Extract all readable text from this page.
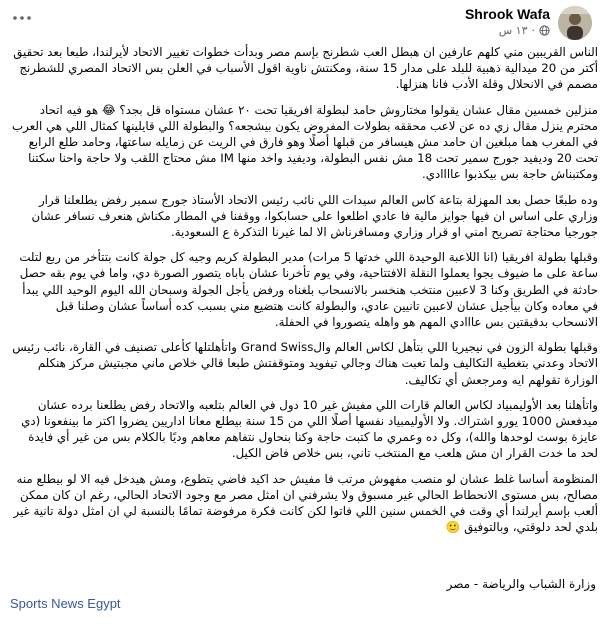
Shrook Wafa
١٣ س ·

الناس القريبين مني كلهم عارفين ان هبطل العب شطرنج بإسم مصر وبدأت خطوات تغيير الاتحاد لأيرلندا، طبعا بعد تحقيق أكتر من 20 ميدالية ذهبية للبلد على مدار 15 سنة، ومكنتش ناوية اقول الأسباب في العلن بس الاتحاد المصري للشطرنج مصمم في الانحلال وقلة الأدب فانا هنزلها.

منزلين خمسين مقال عشان يقولوا مختاروش حامد لبطولة افريقيا تحت ٢٠ عشان مستواه قل بجد؟ 😂 هو فيه اتحاد محترم ينزل مقال زي ده عن لاعب محققه بطولات المفروض يكون بيشجعه؟ والبطولة اللي قايلينها كمثال اللي هي العرب في المغرب هما مبلغين ان حامد مش هيسافر من قبلها أصلًا وهو فارق في الريت عن زمايله ساعتها، وحامد طلع الرابع تحت 20 وديفيد جورج سمير تحت 18 مش نفس البطولة، وديفيد واخد منها IM مش محتاج اللقب ولا حاجة واحنا سكتنا ومكتبناش حاجة بس بيكذبوا عاااادي.

وده طبعًا حصل بعد المهزلة بتاعة كاس العالم سيدات اللي نائب رئيس الاتحاد الأستاذ جورج سمير رفض يطلعلنا قرار وزاري على اساس ان فيها جوايز مالية فا عادي اطلعوا على حسابكوا، ووقفنا في المطار مكناش هنعرف نسافر عشان جورجيا محتاجة تصريح امني او قرار وزاري ومسافرناش الا لما غيرنا التذكرة ع السعودية.

وقبلها بطولة افريقيا (انا اللاعبة الوحيدة اللي خدتها 5 مرات) مدير البطولة كريم وجيه كل جولة كانت بتتأخر من ربع لتلت ساعة على ما ضيوف يجوا يعملوا النقلة الافتتاحية، وفي يوم تأخرنا عشان باباه يتصور الصورة دي، واما في يوم بقه حصل حادثة في الطريق وكنا 3 لاعبين منتخب هنخسر بالانسحاب بلغناه ورفض يأجل الجولة وسبحان الله اليوم الوحيد اللي يبدأ في معاده وكان بيأجيل عشان لاعبين تانيين عادي، والبطولة كانت هتضيع مني بسبب كده أساساً عشان وصلنا قبل الانسحاب بدقيقتين بس عااادي المهم هو واهله يتصوروا في الحفلة.

وقبلها بطولة الزون في نيجيريا اللي بتأهل لكاس العالم والGrand Swiss واتأهلتلها كأعلى تصنيف في القارة، نائب رئيس الاتحاد وعدني بتغطية التكاليف ولما تعبت هناك وجالي تيفويد ومتوقفتش طبعا قالي خلاص ماني مجبتيش مركز هنكلم الوزارة تقولهم ايه ومرجعش أي تكاليف.

واتأهلنا بعد الأوليمبياد لكاس العالم قارات اللي مفيش غير 10 دول في العالم بتلعبه والاتحاد رفض يطلعنا برده عشان ميدفعش 1000 يورو اشتراك. ولا الأوليمبياد نفسها أصلًا اللي من 15 سنة بيطلع معانا اداريين يضروا اكتر ما بينفعونا (دي عايزة بوست لوحدها والله)، وكل ده وعمري ما كتبت حاجة وكنا بنحاول نتفاهم معاهم وديًا بالكلام بس من غير أي فايدة لحد ما خدت القرار ان مش هلعب مع المنتخب تاني، بس خلاص فاض الكيل.

المنظومة أساسا غلط عشان لو منصب مفهوش مرتب فا مفيش حد اكيد فاضي يتطوع، ومش هيدخل فيه الا لو بيطلع منه مصالح، بس مستوى الانحطاط الحالي غير مسبوق ولا يشرفني ان امثل مصر مع وجود الاتحاد الحالي، رغم ان كان ممكن ألعب بإسم أيرلندا أي وقت في الخمس سنين اللي فاتوا لكن كانت فكرة مرفوضة تمامًا بالنسبة لي ان امثل دولة تانية غير بلدي لحد دلوقتي، وبالتوفيق 🙂

وزارة الشباب والرياضة - مصر
Sports News Egypt
